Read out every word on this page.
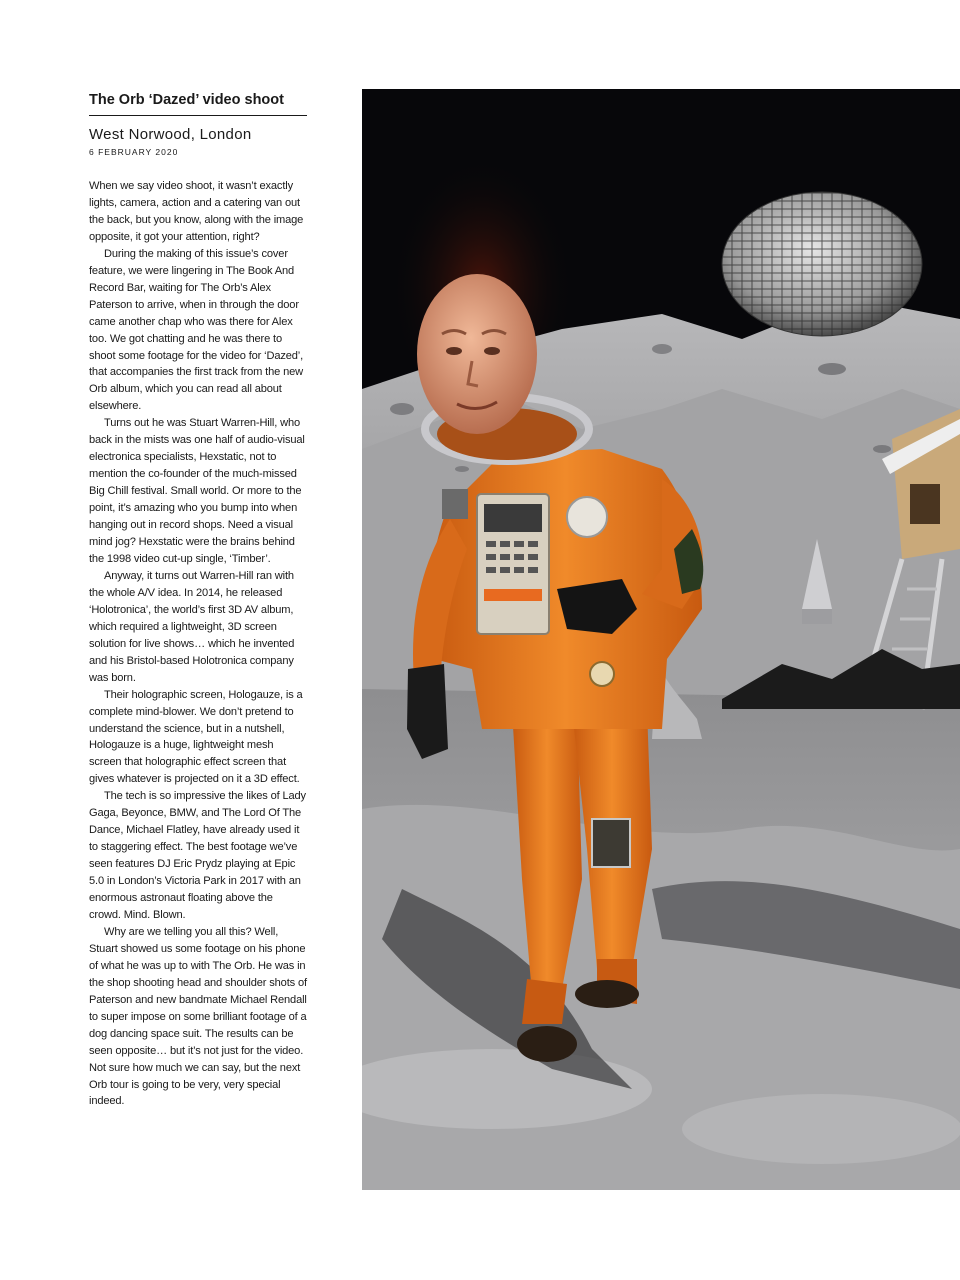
The Orb ‘Dazed’ video shoot
West Norwood, London
6 FEBRUARY 2020

When we say video shoot, it wasn’t exactly lights, camera, action and a catering van out the back, but you know, along with the image opposite, it got your attention, right?

During the making of this issue’s cover feature, we were lingering in The Book And Record Bar, waiting for The Orb’s Alex Paterson to arrive, when in through the door came another chap who was there for Alex too. We got chatting and he was there to shoot some footage for the video for ‘Dazed’, that accompanies the first track from the new Orb album, which you can read all about elsewhere.

Turns out he was Stuart Warren-Hill, who back in the mists was one half of audio-visual electronica specialists, Hexstatic, not to mention the co-founder of the much-missed Big Chill festival. Small world. Or more to the point, it’s amazing who you bump into when hanging out in record shops. Need a visual mind jog? Hexstatic were the brains behind the 1998 video cut-up single, ‘Timber’.

Anyway, it turns out Warren-Hill ran with the whole A/V idea. In 2014, he released ‘Holotronica’, the world’s first 3D AV album, which required a lightweight, 3D screen solution for live shows… which he invented and his Bristol-based Holotronica company was born.

Their holographic screen, Hologauze, is a complete mind-blower. We don’t pretend to understand the science, but in a nutshell, Hologauze is a huge, lightweight mesh screen that holographic effect screen that gives whatever is projected on it a 3D effect.

The tech is so impressive the likes of Lady Gaga, Beyonce, BMW, and The Lord Of The Dance, Michael Flatley, have already used it to staggering effect. The best footage we’ve seen features DJ Eric Prydz playing at Epic 5.0 in London’s Victoria Park in 2017 with an enormous astronaut floating above the crowd. Mind. Blown.

Why are we telling you all this? Well, Stuart showed us some footage on his phone of what he was up to with The Orb. He was in the shop shooting head and shoulder shots of Paterson and new bandmate Michael Rendall to super impose on some brilliant footage of a dog dancing space suit. The results can be seen opposite… but it’s not just for the video. Not sure how much we can say, but the next Orb tour is going to be very, very special indeed.
